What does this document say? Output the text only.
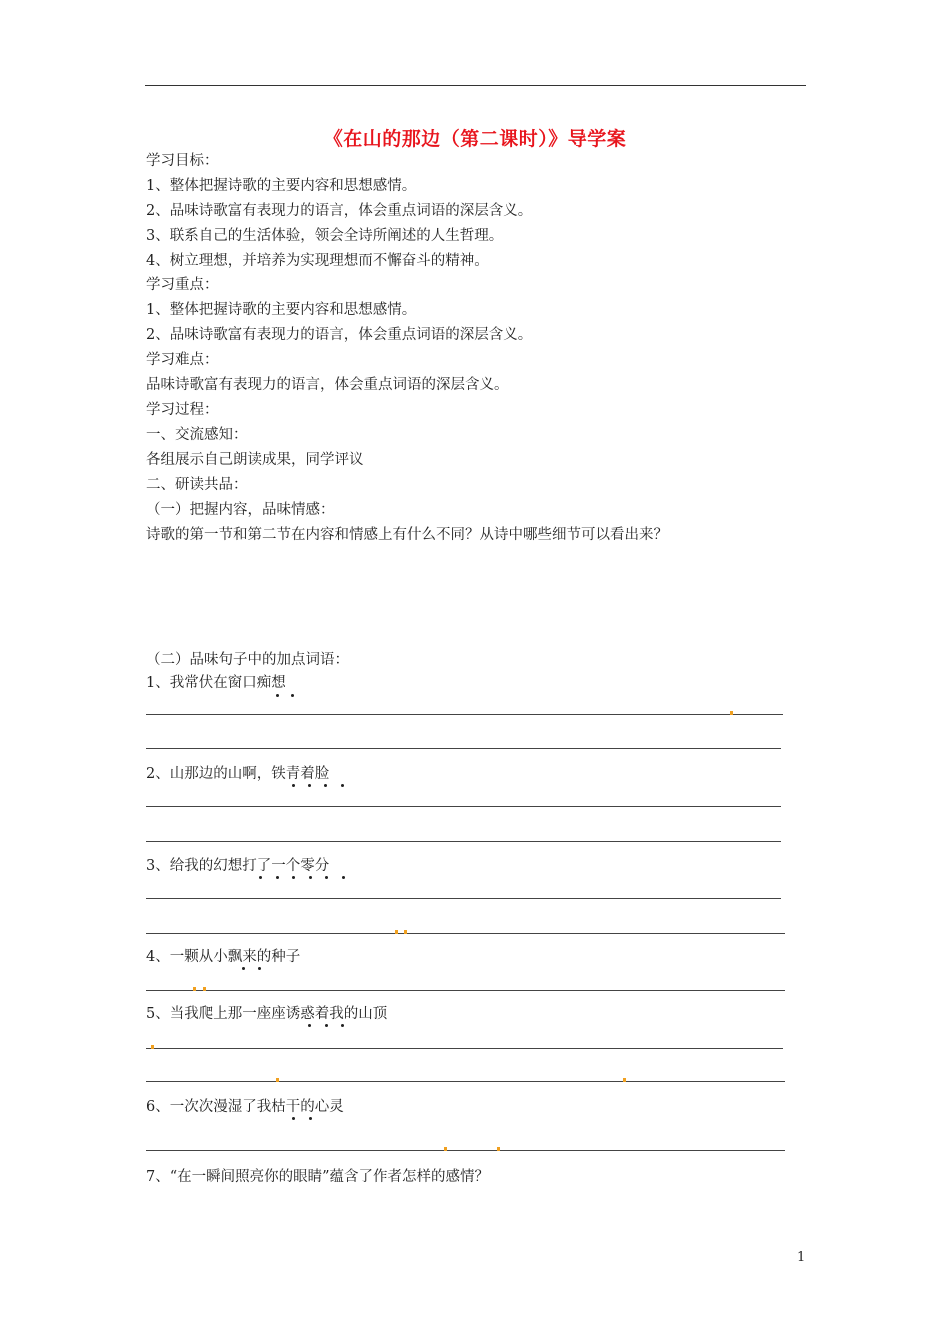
《在山的那边（第二课时）》导学案
学习目标：
1、整体把握诗歌的主要内容和思想感情。
2、品味诗歌富有表现力的语言，体会重点词语的深层含义。
3、联系自己的生活体验，领会全诗所阐述的人生哲理。
4、树立理想，并培养为实现理想而不懈奋斗的精神。
学习重点：
1、整体把握诗歌的主要内容和思想感情。
2、品味诗歌富有表现力的语言，体会重点词语的深层含义。
学习难点：
品味诗歌富有表现力的语言，体会重点词语的深层含义。
学习过程：
一、交流感知：
各组展示自己朗读成果，同学评议
二、研读共品：
（一）把握内容，品味情感：
诗歌的第一节和第二节在内容和情感上有什么不同？从诗中哪些细节可以看出来？
（二）品味句子中的加点词语：
1、我常伏在窗口痴想
2、山那边的山啊，铁青着脸
3、给我的幻想打了一个零分
4、一颗从小飘来的种子
5、当我爬上那一座座诱惑着我的山顶
6、一次次漫湿了我枯干的心灵
7、“在一瞬间照亮你的眼睛”蕴含了作者怎样的感情？
1
